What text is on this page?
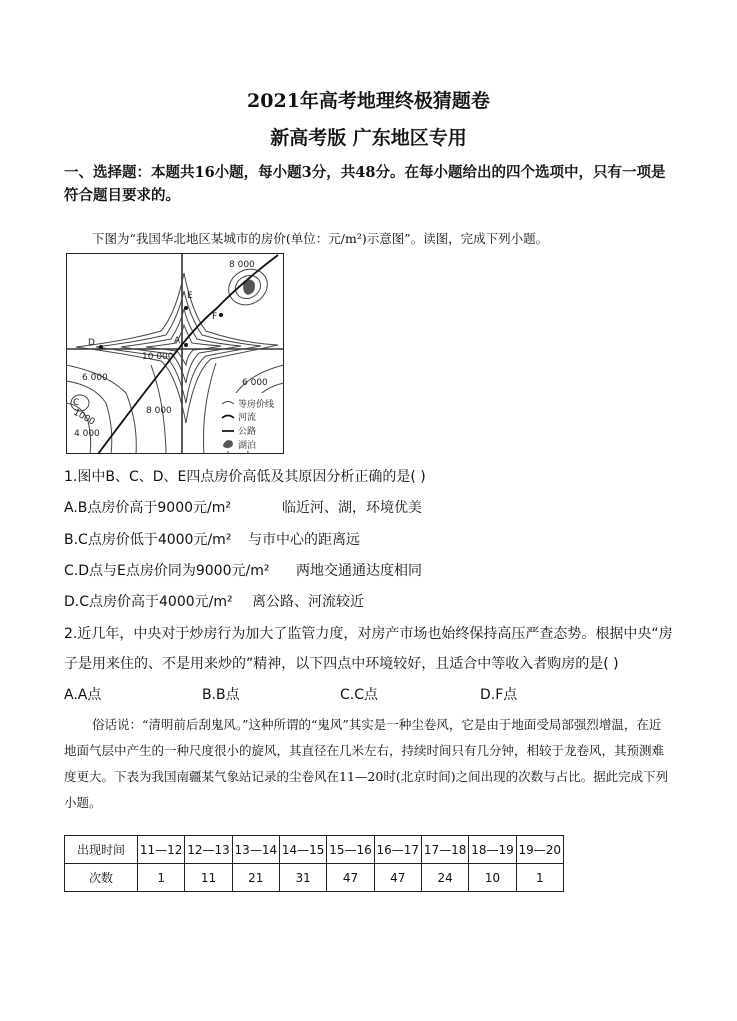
2021年高考地理终极猜题卷
新高考版 广东地区专用
一、选择题：本题共16小题，每小题3分，共48分。在每小题给出的四个选项中，只有一项是符合题目要求的。
下图为“我国华北地区某城市的房价(单位：元/m²)示意图”。读图，完成下列小题。
8 000
10 000
6 000	6 000
8 000
4 000
1000
B
A
C
D
E
F
等房价线
河流
公路
湖泊
1.图中B、C、D、E四点房价高低及其原因分析正确的是( )
A.B点房价高于9000元/m²	临近河、湖，环境优美
B.C点房价低于4000元/m² 与市中心的距离远
C.D点与E点房价同为9000元/m² 两地交通通达度相同
D.C点房价高于4000元/m² 离公路、河流较近
2.近几年，中央对于炒房行为加大了监管力度，对房产市场也始终保持高压严查态势。根据中央“房
子是用来住的、不是用来炒的”精神，以下四点中环境较好，且适合中等收入者购房的是( )
A.A点	B.B点	C.C点	D.F点
俗话说：“清明前后刮鬼风。”这种所谓的“鬼风”其实是一种尘卷风，它是由于地面受局部强烈增温，在近地面气层中产生的一种尺度很小的旋风，其直径在几米左右，持续时间只有几分钟，相较于龙卷风，其预测难度更大。下表为我国南疆某气象站记录的尘卷风在11—20时(北京时间)之间出现的次数与占比。据此完成下列小题。
出现时间	11—12	12—13	13—14	14—15	15—16	16—17	17—18	18—19	19—20
次数	1	11	21	31	47	47	24	10	1
